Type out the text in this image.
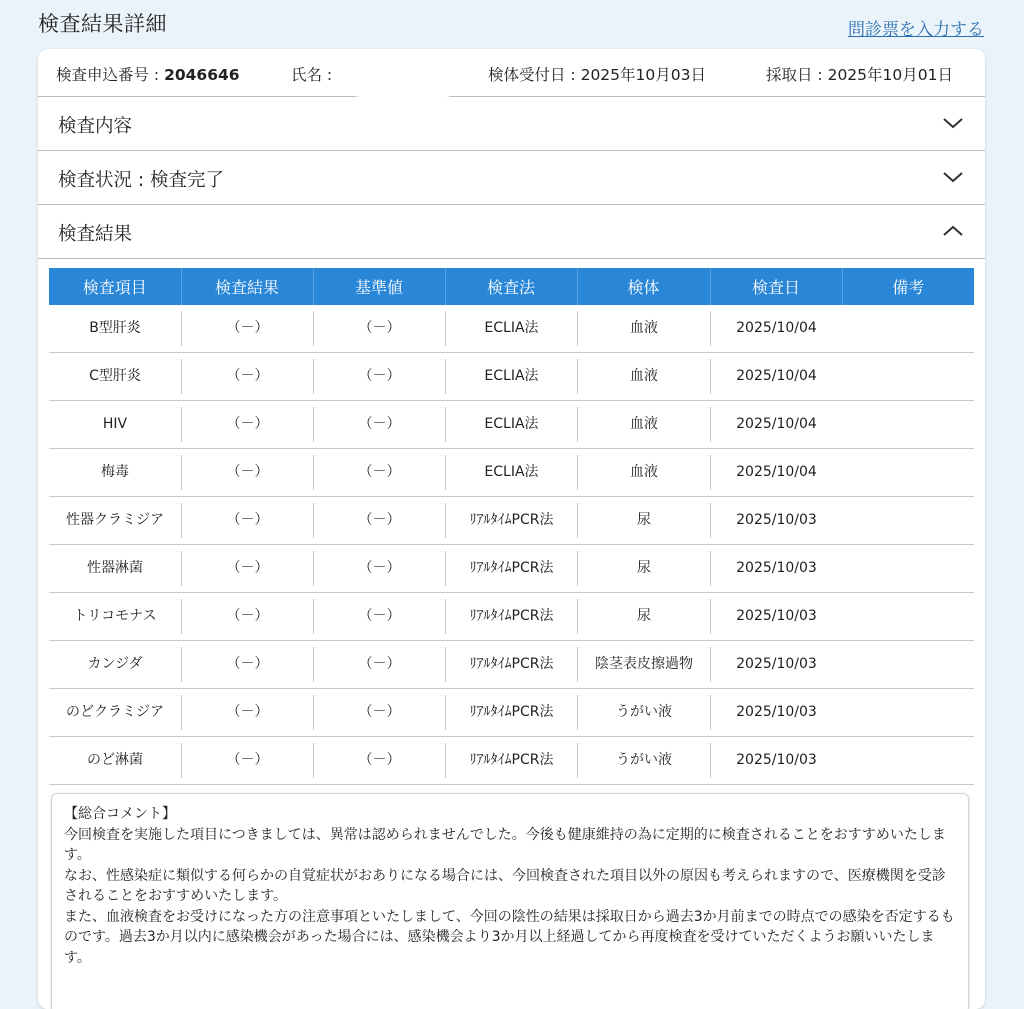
検査結果詳細	問診票を入力する
検査申込番号 : 2046646	氏名 :	検体受付日 : 2025年10月03日	採取日 : 2025年10月01日
検査内容
検査状況 : 検査完了
検査結果
検査項目	検査結果	基準値	検査法	検体	検査日	備考

B型肝炎	（－）	（－）	ECLIA法	血液	2025/10/04	

C型肝炎	（－）	（－）	ECLIA法	血液	2025/10/04	

HIV	（－）	（－）	ECLIA法	血液	2025/10/04	

梅毒	（－）	（－）	ECLIA法	血液	2025/10/04	

性器クラミジア	（－）	（－）	ﾘｱﾙﾀｲﾑPCR法	尿	2025/10/03	

性器淋菌	（－）	（－）	ﾘｱﾙﾀｲﾑPCR法	尿	2025/10/03	

トリコモナス	（－）	（－）	ﾘｱﾙﾀｲﾑPCR法	尿	2025/10/03	

カンジダ	（－）	（－）	ﾘｱﾙﾀｲﾑPCR法	陰茎表皮擦過物	2025/10/03	

のどクラミジア	（－）	（－）	ﾘｱﾙﾀｲﾑPCR法	うがい液	2025/10/03	

のど淋菌	（－）	（－）	ﾘｱﾙﾀｲﾑPCR法	うがい液	2025/10/03	

【総合コメント】

今回検査を実施した項目につきましては、異常は認められませんでした。今後も健康維持の為に定期的に検査されることをおすすめいたします。

なお、性感染症に類似する何らかの自覚症状がおありになる場合には、今回検査された項目以外の原因も考えられますので、医療機関を受診されることをおすすめいたします。

また、血液検査をお受けになった方の注意事項といたしまして、今回の陰性の結果は採取日から過去3か月前までの時点での感染を否定するものです。過去3か月以内に感染機会があった場合には、感染機会より3か月以上経過してから再度検査を受けていただくようお願いいたします。
